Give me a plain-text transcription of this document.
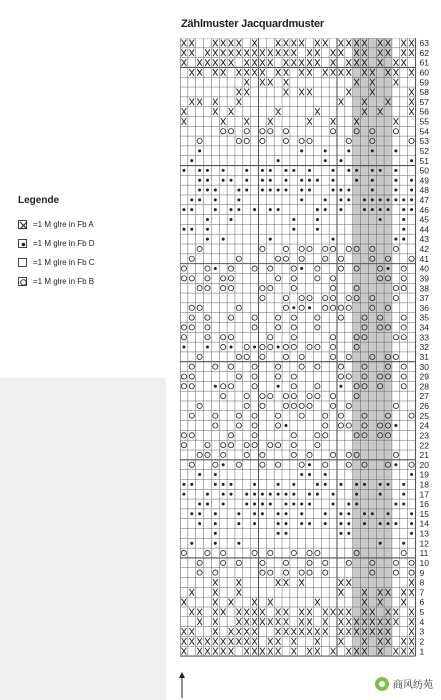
Zählmuster Jacquardmuster
Legende
=1 M glre in Fb A
=1 M glre in Fb D
=1 M glre in Fb C
=1 M glre in Fb B
63
62
61
60
59
58
57
56
55
54
53
52
51
50
49
48
47
46
45
44
43
42
41
40
39
38
37
36
35
34
33
32
31
30
29
28
27
26
25
24
23
22
21
20
19
18
17
16
15
14
13
12
11
10
9
8
7
6
5
4
3
2
1
商风纺苑
